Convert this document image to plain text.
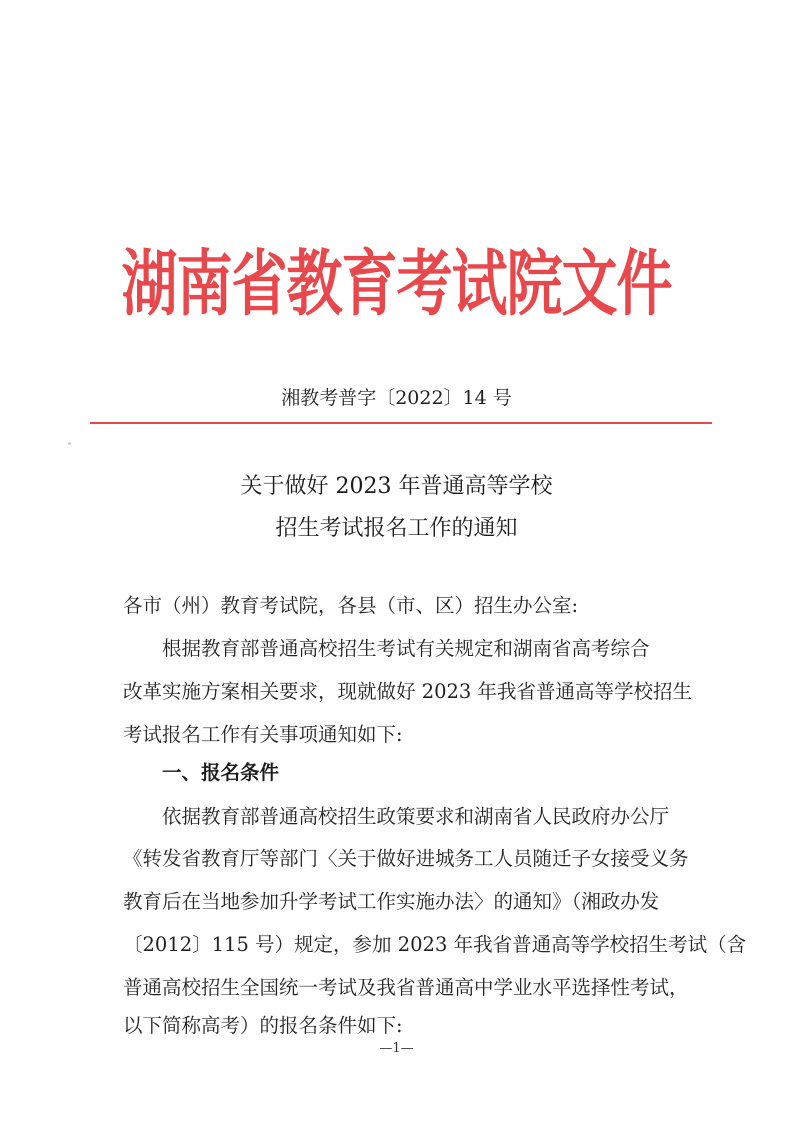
湖南省教育考试院文件
湘教考普字〔2022〕14 号
关于做好 2023 年普通高等学校
招生考试报名工作的通知
各市（州）教育考试院，各县（市、区）招生办公室:
根据教育部普通高校招生考试有关规定和湖南省高考综合
改革实施方案相关要求，现就做好 2023 年我省普通高等学校招生
考试报名工作有关事项通知如下:
一、报名条件
依据教育部普通高校招生政策要求和湖南省人民政府办公厅
《转发省教育厅等部门〈关于做好进城务工人员随迁子女接受义务
教育后在当地参加升学考试工作实施办法〉的通知》（湘政办发
〔2012〕115 号）规定，参加 2023 年我省普通高等学校招生考试（含
普通高校招生全国统一考试及我省普通高中学业水平选择性考试，
以下简称高考）的报名条件如下:
—1—
